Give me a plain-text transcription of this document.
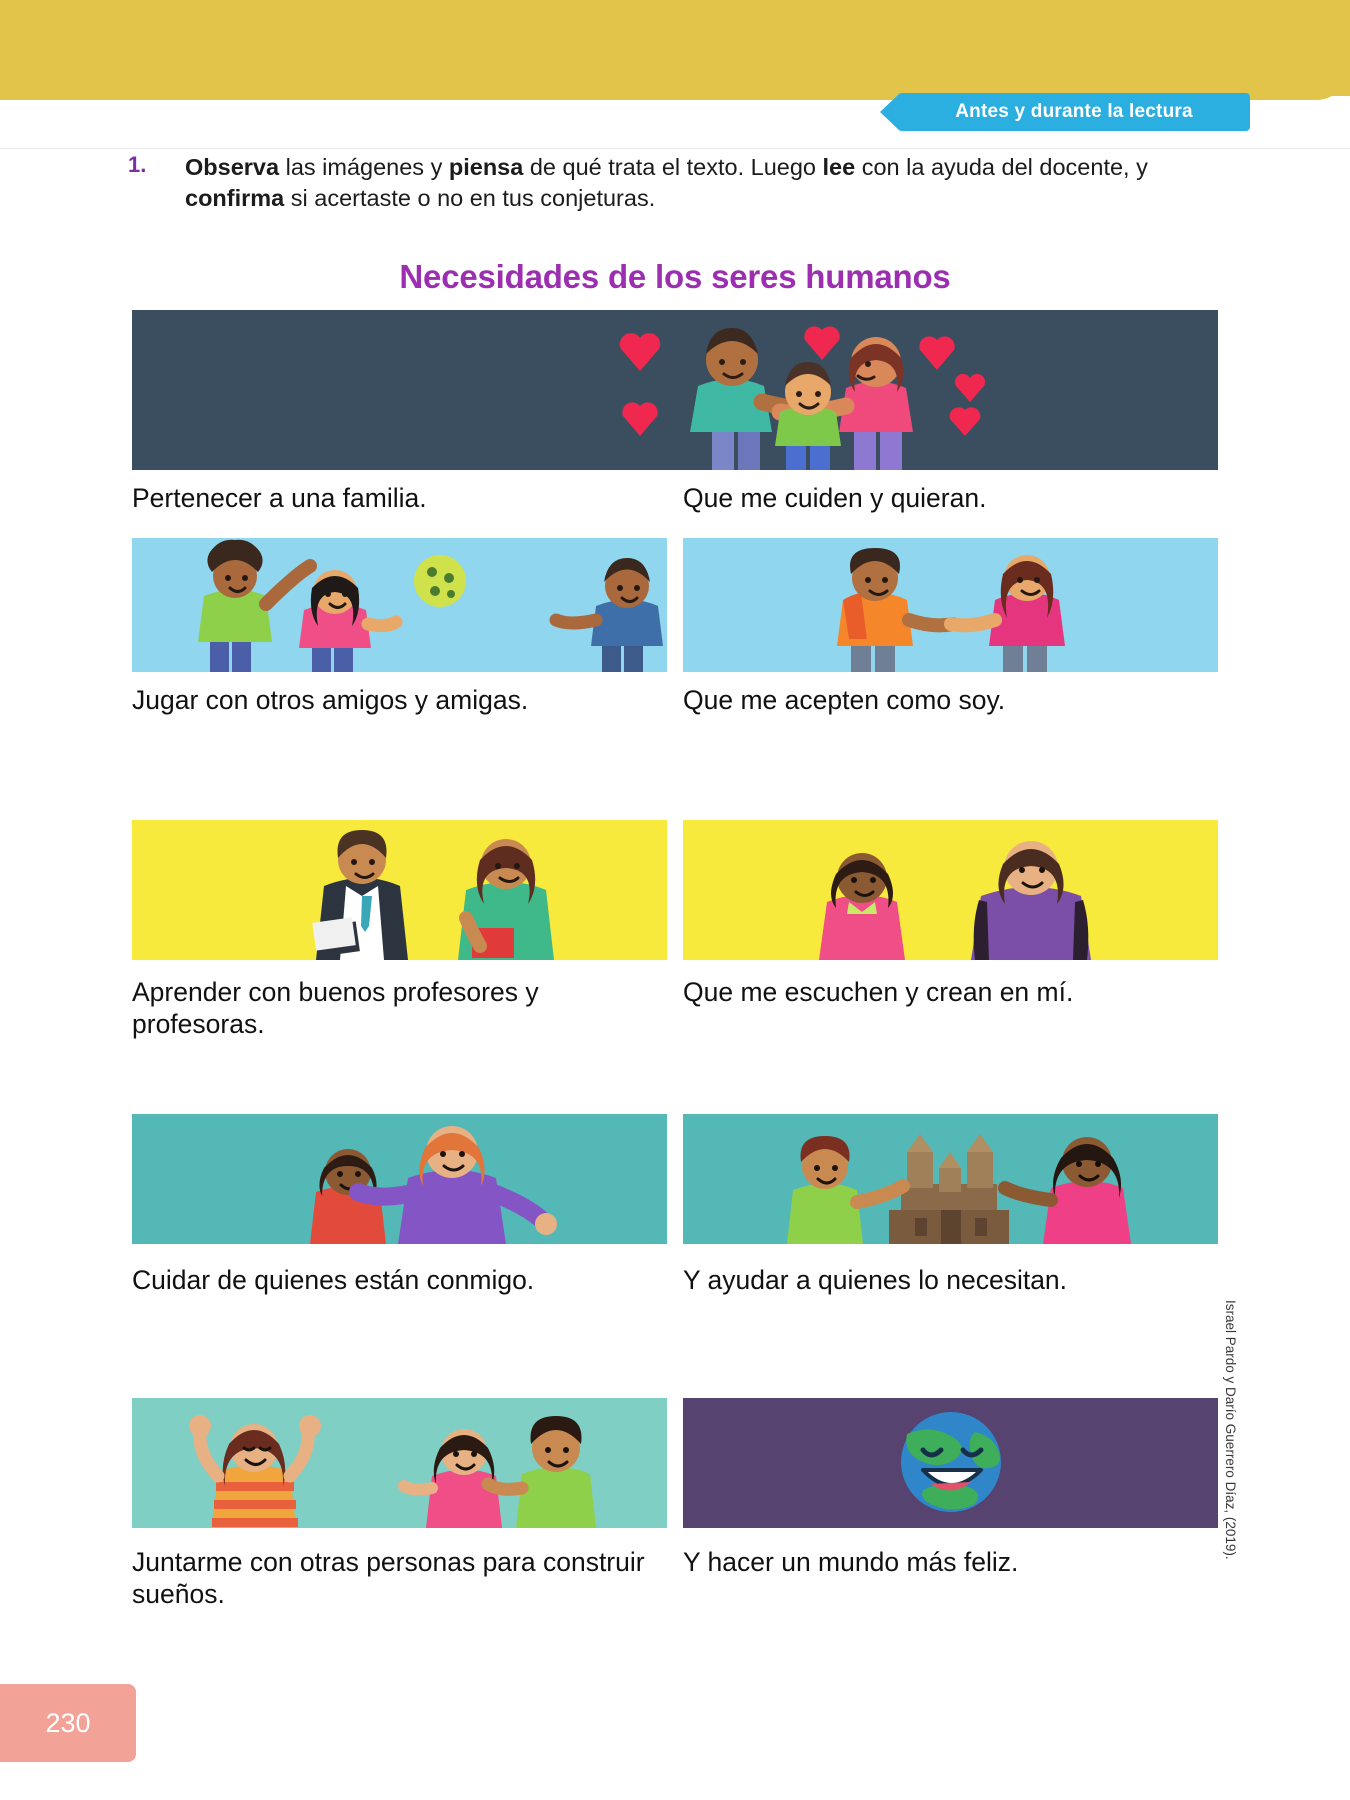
Antes y durante la lectura
1. Observa las imágenes y piensa de qué trata el texto. Luego lee con la ayuda del docente, y confirma si acertaste o no en tus conjeturas.
Necesidades de los seres humanos
Pertenecer a una familia.	Que me cuiden y quieran.
Jugar con otros amigos y amigas.	Que me acepten como soy.
Aprender con buenos profesores y profesoras.
Que me escuchen y crean en mí.
Cuidar de quienes están conmigo.	Y ayudar a quienes lo necesitan.
Juntarme con otras personas para construir sueños.
Y hacer un mundo más feliz.
Israel Pardo y Darío Guerrero Díaz, (2019).
230
